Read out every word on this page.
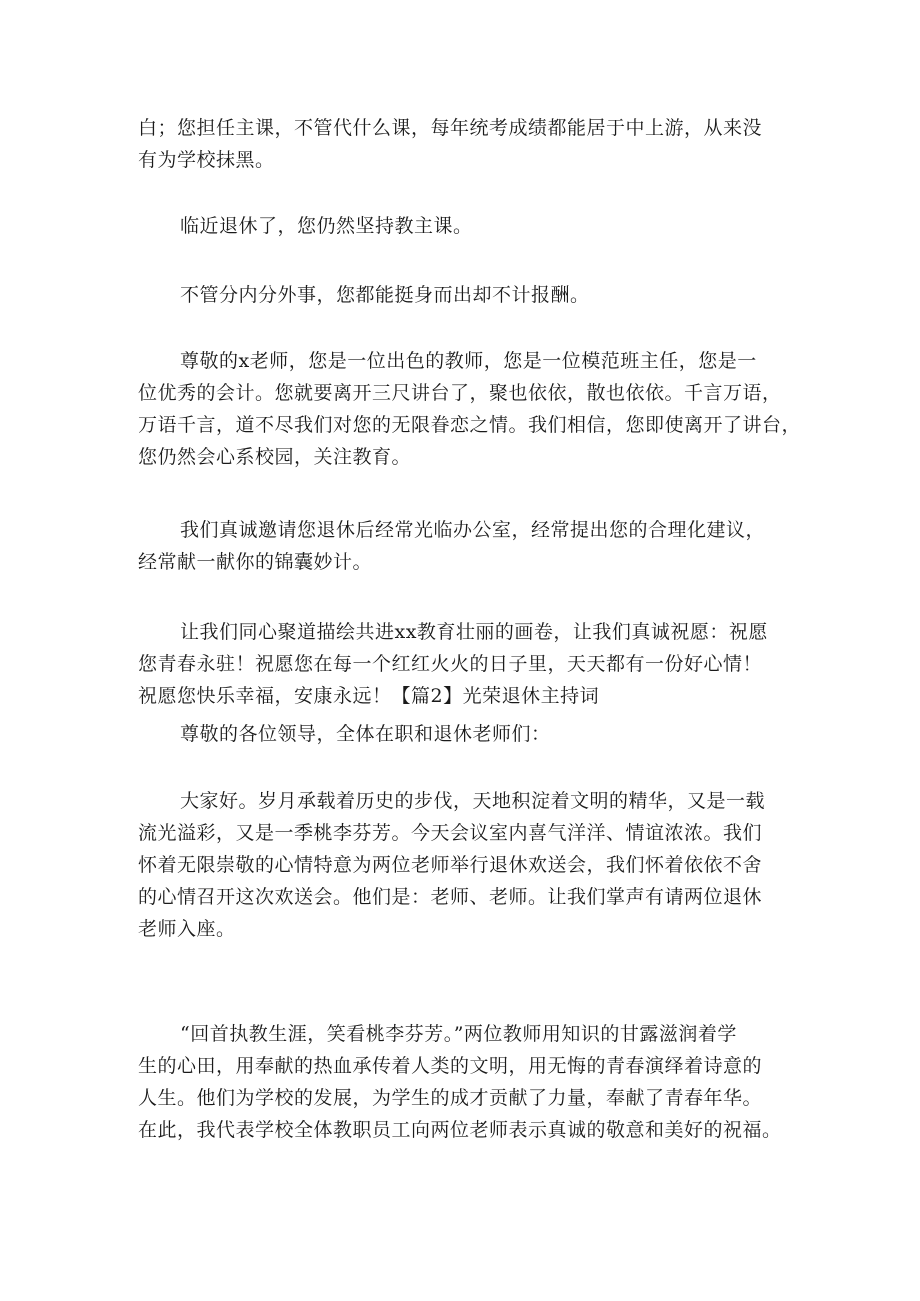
白；您担任主课，不管代什么课，每年统考成绩都能居于中上游，从来没
有为学校抹黑。
临近退休了，您仍然坚持教主课。
不管分内分外事，您都能挺身而出却不计报酬。
尊敬的x老师，您是一位出色的教师，您是一位模范班主任，您是一
位优秀的会计。您就要离开三尺讲台了，聚也依依，散也依依。千言万语，
万语千言，道不尽我们对您的无限眷恋之情。我们相信，您即使离开了讲台，
您仍然会心系校园，关注教育。
我们真诚邀请您退休后经常光临办公室，经常提出您的合理化建议，
经常献一献你的锦囊妙计。
让我们同心聚道描绘共进xx教育壮丽的画卷，让我们真诚祝愿：祝愿
您青春永驻！祝愿您在每一个红红火火的日子里，天天都有一份好心情！
祝愿您快乐幸福，安康永远！【篇2】光荣退休主持词
尊敬的各位领导，全体在职和退休老师们：
大家好。岁月承载着历史的步伐，天地积淀着文明的精华，又是一载
流光溢彩，又是一季桃李芬芳。今天会议室内喜气洋洋、情谊浓浓。我们
怀着无限崇敬的心情特意为两位老师举行退休欢送会，我们怀着依依不舍
的心情召开这次欢送会。他们是：老师、老师。让我们掌声有请两位退休
老师入座。
“回首执教生涯，笑看桃李芬芳。”两位教师用知识的甘露滋润着学
生的心田，用奉献的热血承传着人类的文明，用无悔的青春演绎着诗意的
人生。他们为学校的发展，为学生的成才贡献了力量，奉献了青春年华。
在此，我代表学校全体教职员工向两位老师表示真诚的敬意和美好的祝福。
